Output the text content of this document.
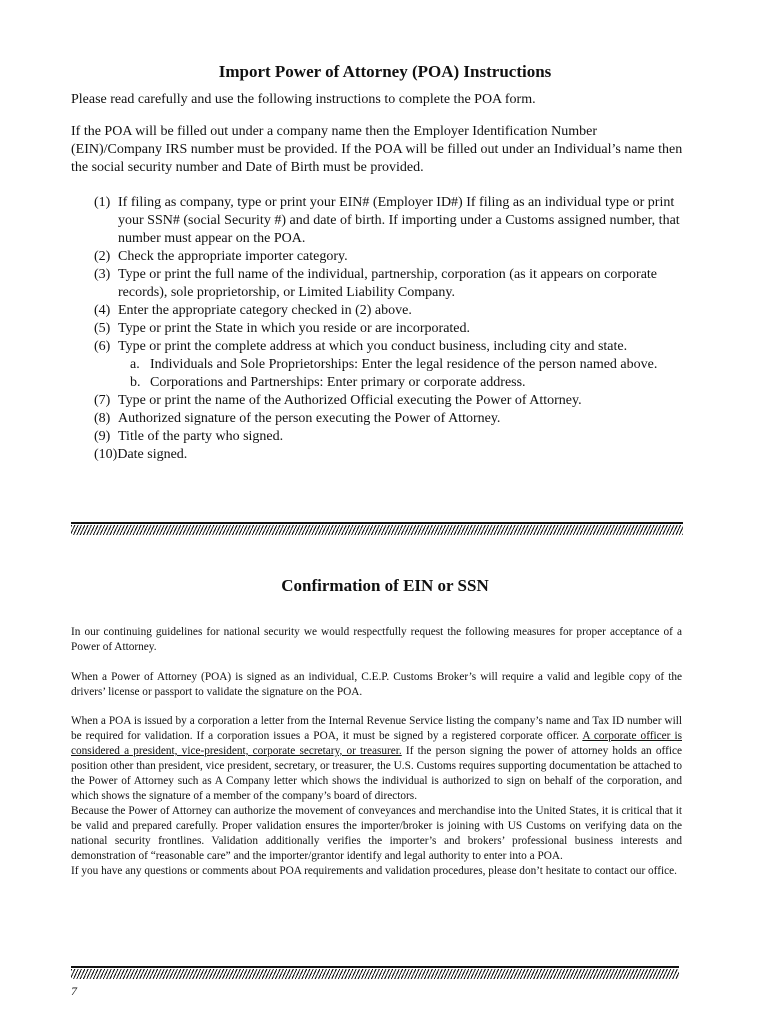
Import Power of Attorney (POA) Instructions

Please read carefully and use the following instructions to complete the POA form.

If the POA will be filled out under a company name then the Employer Identification Number (EIN)/Company IRS number must be provided. If the POA will be filled out under an Individual’s name then the social security number and Date of Birth must be provided.

(1) If filing as company, type or print your EIN# (Employer ID#) If filing as an individual type or print your SSN# (social Security #) and date of birth. If importing under a Customs assigned number, that number must appear on the POA.
(2) Check the appropriate importer category.
(3) Type or print the full name of the individual, partnership, corporation (as it appears on corporate records), sole proprietorship, or Limited Liability Company.
(4) Enter the appropriate category checked in (2) above.
(5) Type or print the State in which you reside or are incorporated.
(6) Type or print the complete address at which you conduct business, including city and state.
a. Individuals and Sole Proprietorships: Enter the legal residence of the person named above.
b. Corporations and Partnerships: Enter primary or corporate address.
(7) Type or print the name of the Authorized Official executing the Power of Attorney.
(8) Authorized signature of the person executing the Power of Attorney.
(9) Title of the party who signed.
(10) Date signed.
Confirmation of EIN or SSN

In our continuing guidelines for national security we would respectfully request the following measures for proper acceptance of a Power of Attorney.

When a Power of Attorney (POA) is signed as an individual, C.E.P. Customs Broker’s will require a valid and legible copy of the drivers’ license or passport to validate the signature on the POA.

When a POA is issued by a corporation a letter from the Internal Revenue Service listing the company’s name and Tax ID number will be required for validation. If a corporation issues a POA, it must be signed by a registered corporate officer. A corporate officer is considered a president, vice-president, corporate secretary, or treasurer. If the person signing the power of attorney holds an office position other than president, vice president, secretary, or treasurer, the U.S. Customs requires supporting documentation be attached to the Power of Attorney such as A Company letter which shows the individual is authorized to sign on behalf of the corporation, and which shows the signature of a member of the company’s board of directors.
Because the Power of Attorney can authorize the movement of conveyances and merchandise into the United States, it is critical that it be valid and prepared carefully. Proper validation ensures the importer/broker is joining with US Customs on verifying data on the national security frontlines. Validation additionally verifies the importer’s and brokers’ professional business interests and demonstration of “reasonable care” and the importer/grantor identify and legal authority to enter into a POA.
If you have any questions or comments about POA requirements and validation procedures, please don’t hesitate to contact our office.
7
